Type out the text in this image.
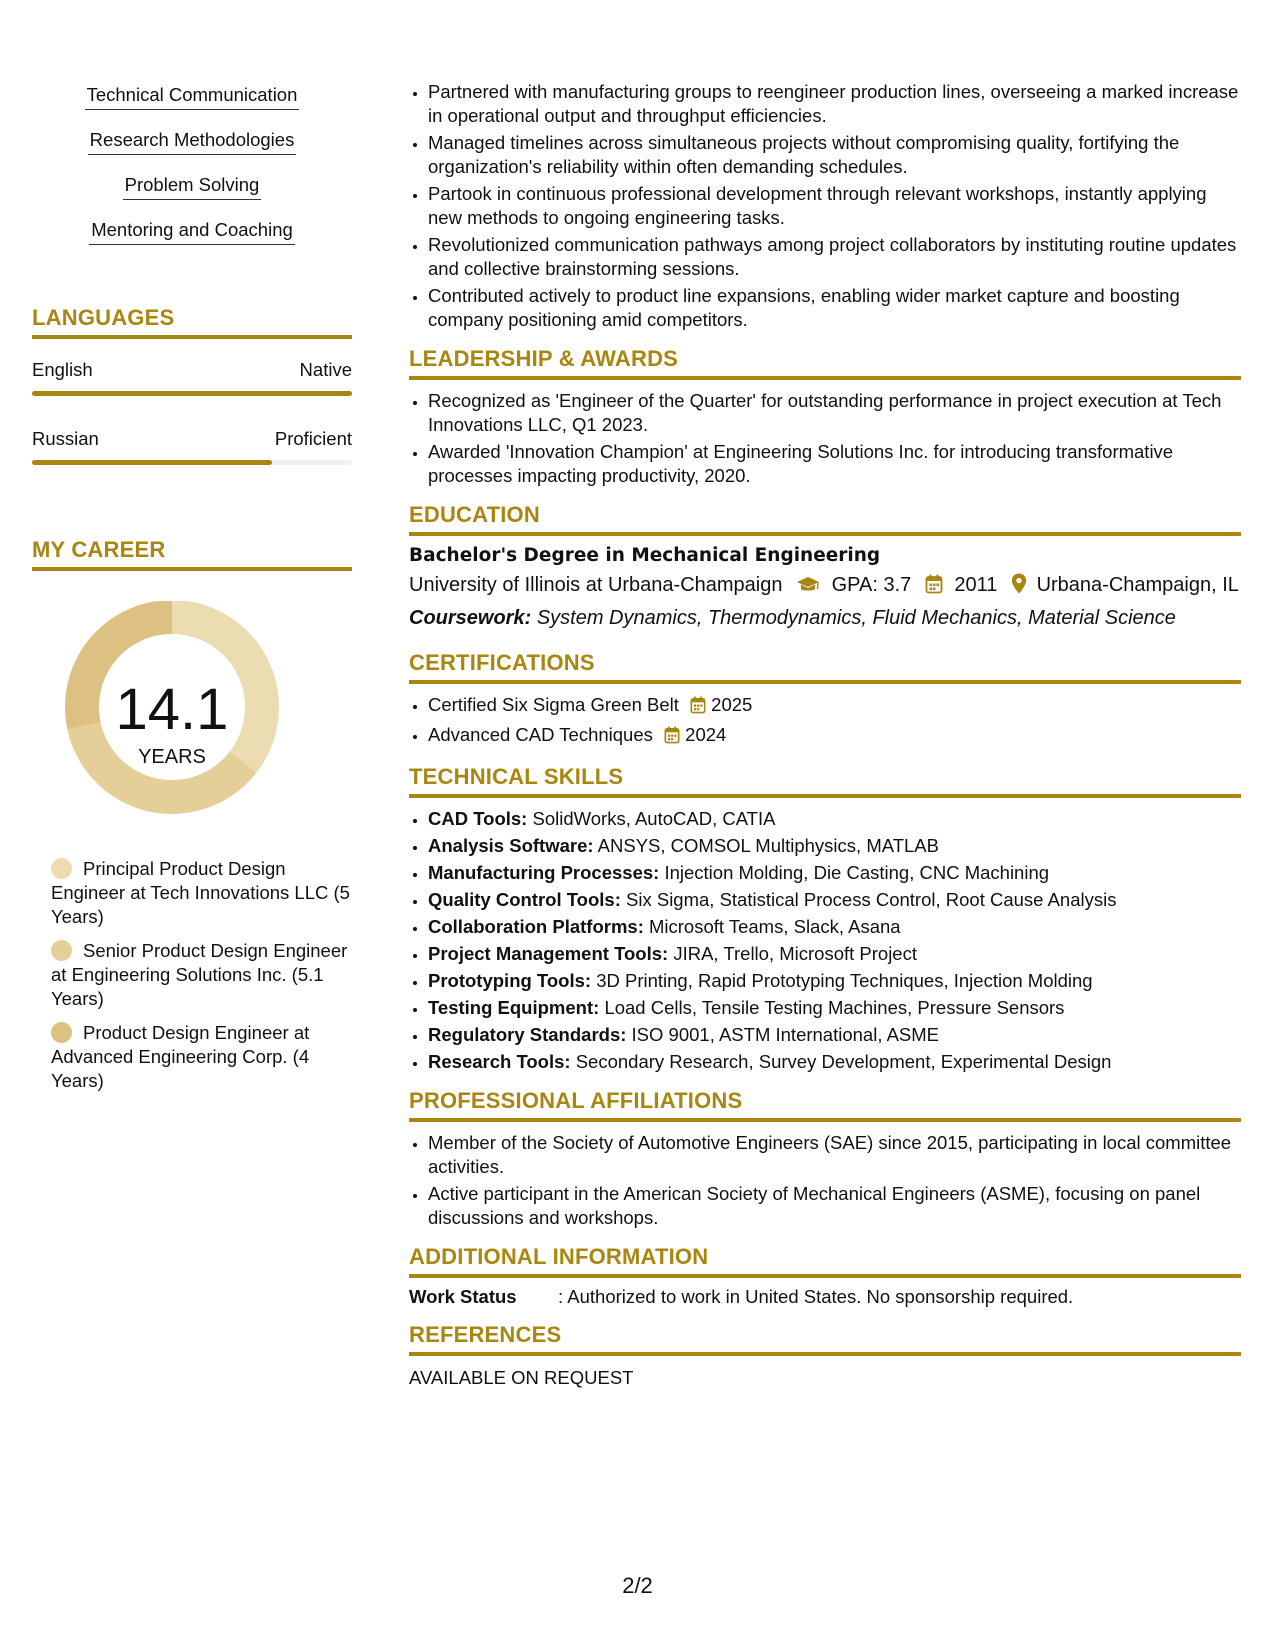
Technical Communication
Research Methodologies
Problem Solving
Mentoring and Coaching
LANGUAGES
English	Native
Russian	Proficient
MY CAREER
14.1
YEARS
Principal Product Design Engineer at Tech Innovations LLC (5 Years)
Senior Product Design Engineer at Engineering Solutions Inc. (5.1 Years)
Product Design Engineer at Advanced Engineering Corp. (4 Years)
• Partnered with manufacturing groups to reengineer production lines, overseeing a marked increase in operational output and throughput efficiencies.
• Managed timelines across simultaneous projects without compromising quality, fortifying the organization's reliability within often demanding schedules.
• Partook in continuous professional development through relevant workshops, instantly applying new methods to ongoing engineering tasks.
• Revolutionized communication pathways among project collaborators by instituting routine updates and collective brainstorming sessions.
• Contributed actively to product line expansions, enabling wider market capture and boosting company positioning amid competitors.
LEADERSHIP & AWARDS
• Recognized as 'Engineer of the Quarter' for outstanding performance in project execution at Tech Innovations LLC, Q1 2023.
• Awarded 'Innovation Champion' at Engineering Solutions Inc. for introducing transformative processes impacting productivity, 2020.
EDUCATION
Bachelor's Degree in Mechanical Engineering
University of Illinois at Urbana-Champaign GPA: 3.7 2011 Urbana-Champaign, IL
Coursework: System Dynamics, Thermodynamics, Fluid Mechanics, Material Science
CERTIFICATIONS
• Certified Six Sigma Green Belt 2025
• Advanced CAD Techniques 2024
TECHNICAL SKILLS
• CAD Tools: SolidWorks, AutoCAD, CATIA
• Analysis Software: ANSYS, COMSOL Multiphysics, MATLAB
• Manufacturing Processes: Injection Molding, Die Casting, CNC Machining
• Quality Control Tools: Six Sigma, Statistical Process Control, Root Cause Analysis
• Collaboration Platforms: Microsoft Teams, Slack, Asana
• Project Management Tools: JIRA, Trello, Microsoft Project
• Prototyping Tools: 3D Printing, Rapid Prototyping Techniques, Injection Molding
• Testing Equipment: Load Cells, Tensile Testing Machines, Pressure Sensors
• Regulatory Standards: ISO 9001, ASTM International, ASME
• Research Tools: Secondary Research, Survey Development, Experimental Design
PROFESSIONAL AFFILIATIONS
• Member of the Society of Automotive Engineers (SAE) since 2015, participating in local committee activities.
• Active participant in the American Society of Mechanical Engineers (ASME), focusing on panel discussions and workshops.
ADDITIONAL INFORMATION
Work Status	: Authorized to work in United States. No sponsorship required.
REFERENCES
AVAILABLE ON REQUEST
2/2
